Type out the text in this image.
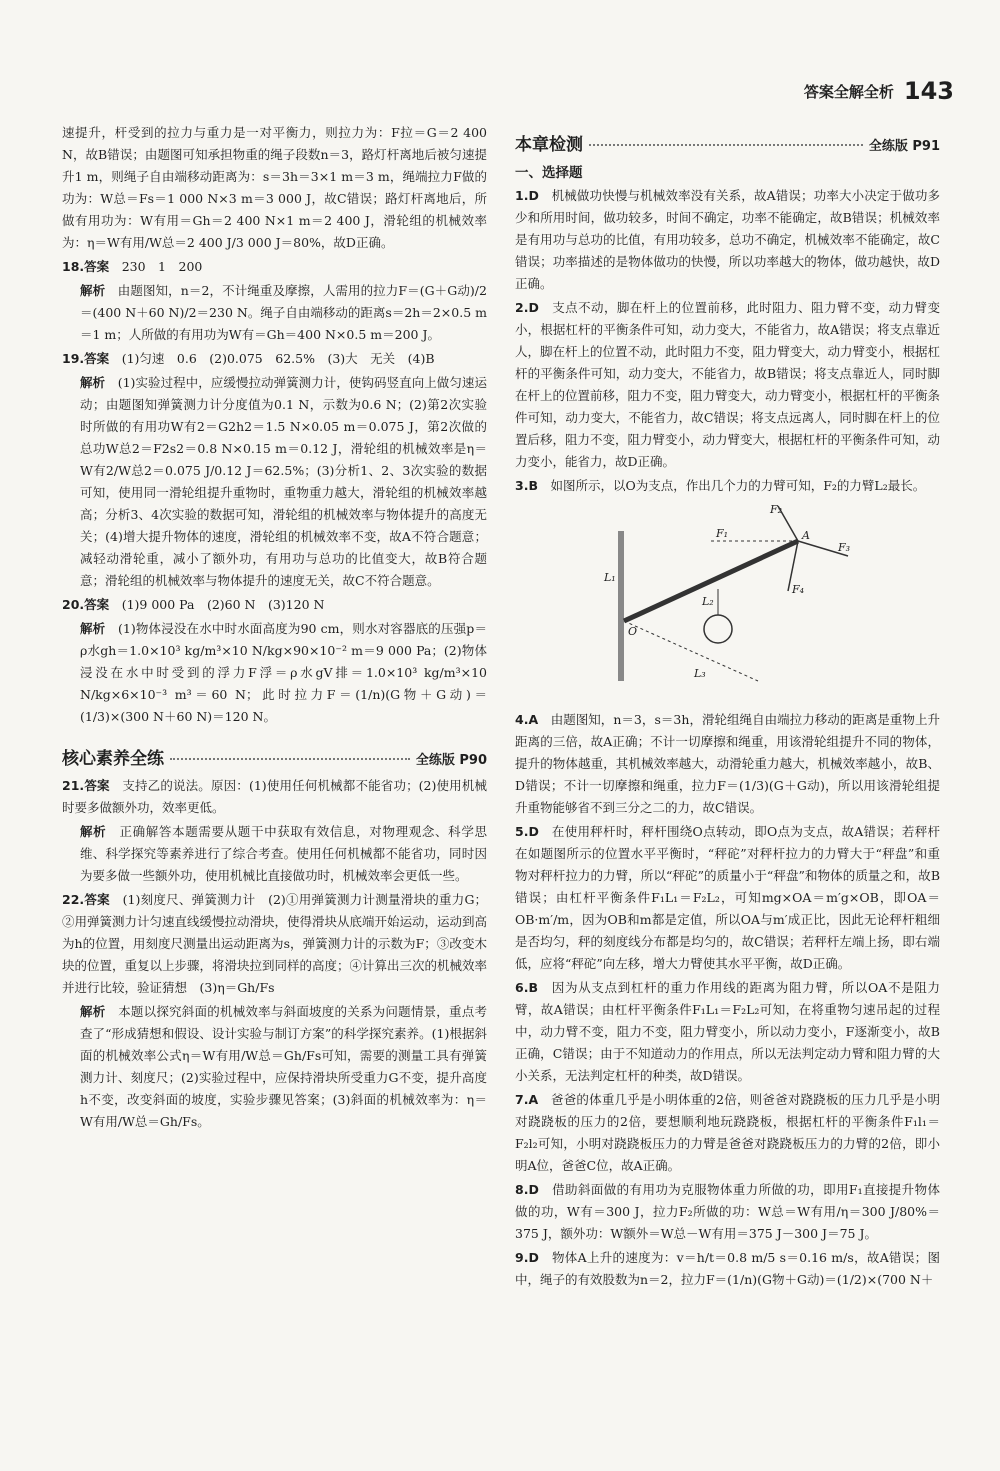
答案全解全析 143

速提升，杆受到的拉力与重力是一对平衡力，则拉力为：F拉＝G＝2 400 N，故B错误；由题图可知承担物重的绳子段数n＝3，路灯杆离地后被匀速提升1 m，则绳子自由端移动距离为：s＝3h＝3×1 m＝3 m，绳端拉力F做的功为：W总＝Fs＝1 000 N×3 m＝3 000 J，故C错误；路灯杆离地后，所做有用功为：W有用＝Gh＝2 400 N×1 m＝2 400 J，滑轮组的机械效率为：η＝W有用/W总＝2 400 J/3 000 J＝80%，故D正确。

18.答案　 230　1　200

解析　 由题图知，n＝2，不计绳重及摩擦，人需用的拉力F＝(G＋G动)/2＝(400 N＋60 N)/2＝230 N。绳子自由端移动的距离s＝2h＝2×0.5 m＝1 m；人所做的有用功为W有＝Gh＝400 N×0.5 m＝200 J。

19.答案　 (1)匀速　0.6　(2)0.075　62.5%　(3)大　无关　(4)B

解析　 (1)实验过程中，应缓慢拉动弹簧测力计，使钩码竖直向上做匀速运动；由题图知弹簧测力计分度值为0.1 N，示数为0.6 N；(2)第2次实验时所做的有用功W有2＝G2h2＝1.5 N×0.05 m＝0.075 J，第2次做的总功W总2＝F2s2＝0.8 N×0.15 m＝0.12 J，滑轮组的机械效率是η＝W有2/W总2＝0.075 J/0.12 J＝62.5%；(3)分析1、2、3次实验的数据可知，使用同一滑轮组提升重物时，重物重力越大，滑轮组的机械效率越高；分析3、4次实验的数据可知，滑轮组的机械效率与物体提升的高度无关；(4)增大提升物体的速度，滑轮组的机械效率不变，故A不符合题意；减轻动滑轮重，减小了额外功，有用功与总功的比值变大，故B符合题意；滑轮组的机械效率与物体提升的速度无关，故C不符合题意。

20.答案　 (1)9 000 Pa　(2)60 N　(3)120 N

解析　 (1)物体浸没在水中时水面高度为90 cm，则水对容器底的压强p＝ρ水gh＝1.0×10³ kg/m³×10 N/kg×90×10⁻² m＝9 000 Pa；(2)物体浸没在水中时受到的浮力F浮＝ρ水gV排＝1.0×10³ kg/m³×10 N/kg×6×10⁻³ m³＝60 N；此时拉力F＝(1/n)(G物＋G动)＝(1/3)×(300 N＋60 N)＝120 N。

核心素养全练	全练版 P90

21.答案　 支持乙的说法。原因：(1)使用任何机械都不能省功；(2)使用机械时要多做额外功，效率更低。

解析　 正确解答本题需要从题干中获取有效信息，对物理观念、科学思维、科学探究等素养进行了综合考查。使用任何机械都不能省功，同时因为要多做一些额外功，使用机械比直接做功时，机械效率会更低一些。

22.答案　 (1)刻度尺、弹簧测力计　(2)①用弹簧测力计测量滑块的重力G；②用弹簧测力计匀速直线缓慢拉动滑块，使得滑块从底端开始运动，运动到高为h的位置，用刻度尺测量出运动距离为s，弹簧测力计的示数为F；③改变木块的位置，重复以上步骤，将滑块拉到同样的高度；④计算出三次的机械效率并进行比较，验证猜想　(3)η＝Gh/Fs

解析　 本题以探究斜面的机械效率与斜面坡度的关系为问题情景，重点考查了“形成猜想和假设、设计实验与制订方案”的科学探究素养。(1)根据斜面的机械效率公式η＝W有用/W总＝Gh/Fs可知，需要的测量工具有弹簧测力计、刻度尺；(2)实验过程中，应保持滑块所受重力G不变，提升高度h不变，改变斜面的坡度，实验步骤见答案；(3)斜面的机械效率为：η＝W有用/W总＝Gh/Fs。

本章检测	全练版 P91
一、选择题

1.D　 机械做功快慢与机械效率没有关系，故A错误；功率大小决定于做功多少和所用时间，做功较多，时间不确定，功率不能确定，故B错误；机械效率是有用功与总功的比值，有用功较多，总功不确定，机械效率不能确定，故C错误；功率描述的是物体做功的快慢，所以功率越大的物体，做功越快，故D正确。

2.D　 支点不动，脚在杆上的位置前移，此时阻力、阻力臂不变，动力臂变小，根据杠杆的平衡条件可知，动力变大，不能省力，故A错误；将支点靠近人，脚在杆上的位置不动，此时阻力不变，阻力臂变大，动力臂变小，根据杠杆的平衡条件可知，动力变大，不能省力，故B错误；将支点靠近人，同时脚在杆上的位置前移，阻力不变，阻力臂变大，动力臂变小，根据杠杆的平衡条件可知，动力变大，不能省力，故C错误；将支点远离人，同时脚在杆上的位置后移，阻力不变，阻力臂变小，动力臂变大，根据杠杆的平衡条件可知，动力变小，能省力，故D正确。

3.B　 如图所示，以O为支点，作出几个力的力臂可知，F₂的力臂L₂最长。

F₂
F₁
F₃
F₄
A
O
L₁
L₂
L₃

4.A　 由题图知，n＝3，s＝3h，滑轮组绳自由端拉力移动的距离是重物上升距离的三倍，故A正确；不计一切摩擦和绳重，用该滑轮组提升不同的物体，提升的物体越重，其机械效率越大，动滑轮重力越大，机械效率越小，故B、D错误；不计一切摩擦和绳重，拉力F＝(1/3)(G＋G动)，所以用该滑轮组提升重物能够省不到三分之二的力，故C错误。

5.D　 在使用秤杆时，秤杆围绕O点转动，即O点为支点，故A错误；若秤杆在如题图所示的位置水平平衡时，“秤砣”对秤杆拉力的力臂大于“秤盘”和重物对秤杆拉力的力臂，所以“秤砣”的质量小于“秤盘”和物体的质量之和，故B错误；由杠杆平衡条件F₁L₁＝F₂L₂，可知mg×OA＝m′g×OB，即OA＝OB·m′/m，因为OB和m都是定值，所以OA与m′成正比，因此无论秤杆粗细是否均匀，秤的刻度线分布都是均匀的，故C错误；若秤杆左端上扬，即右端低，应将“秤砣”向左移，增大力臂使其水平平衡，故D正确。

6.B　 因为从支点到杠杆的重力作用线的距离为阻力臂，所以OA不是阻力臂，故A错误；由杠杆平衡条件F₁L₁＝F₂L₂可知，在将重物匀速吊起的过程中，动力臂不变，阻力不变，阻力臂变小，所以动力变小，F逐渐变小，故B正确，C错误；由于不知道动力的作用点，所以无法判定动力臂和阻力臂的大小关系，无法判定杠杆的种类，故D错误。

7.A　 爸爸的体重几乎是小明体重的2倍，则爸爸对跷跷板的压力几乎是小明对跷跷板的压力的2倍，要想顺利地玩跷跷板，根据杠杆的平衡条件F₁l₁＝F₂l₂可知，小明对跷跷板压力的力臂是爸爸对跷跷板压力的力臂的2倍，即小明A位，爸爸C位，故A正确。

8.D　 借助斜面做的有用功为克服物体重力所做的功，即用F₁直接提升物体做的功，W有＝300 J，拉力F₂所做的功：W总＝W有用/η＝300 J/80%＝375 J，额外功：W额外＝W总－W有用＝375 J－300 J＝75 J。

9.D　 物体A上升的速度为：v＝h/t＝0.8 m/5 s＝0.16 m/s，故A错误；图中，绳子的有效股数为n＝2，拉力F＝(1/n)(G物＋G动)＝(1/2)×(700 N＋
